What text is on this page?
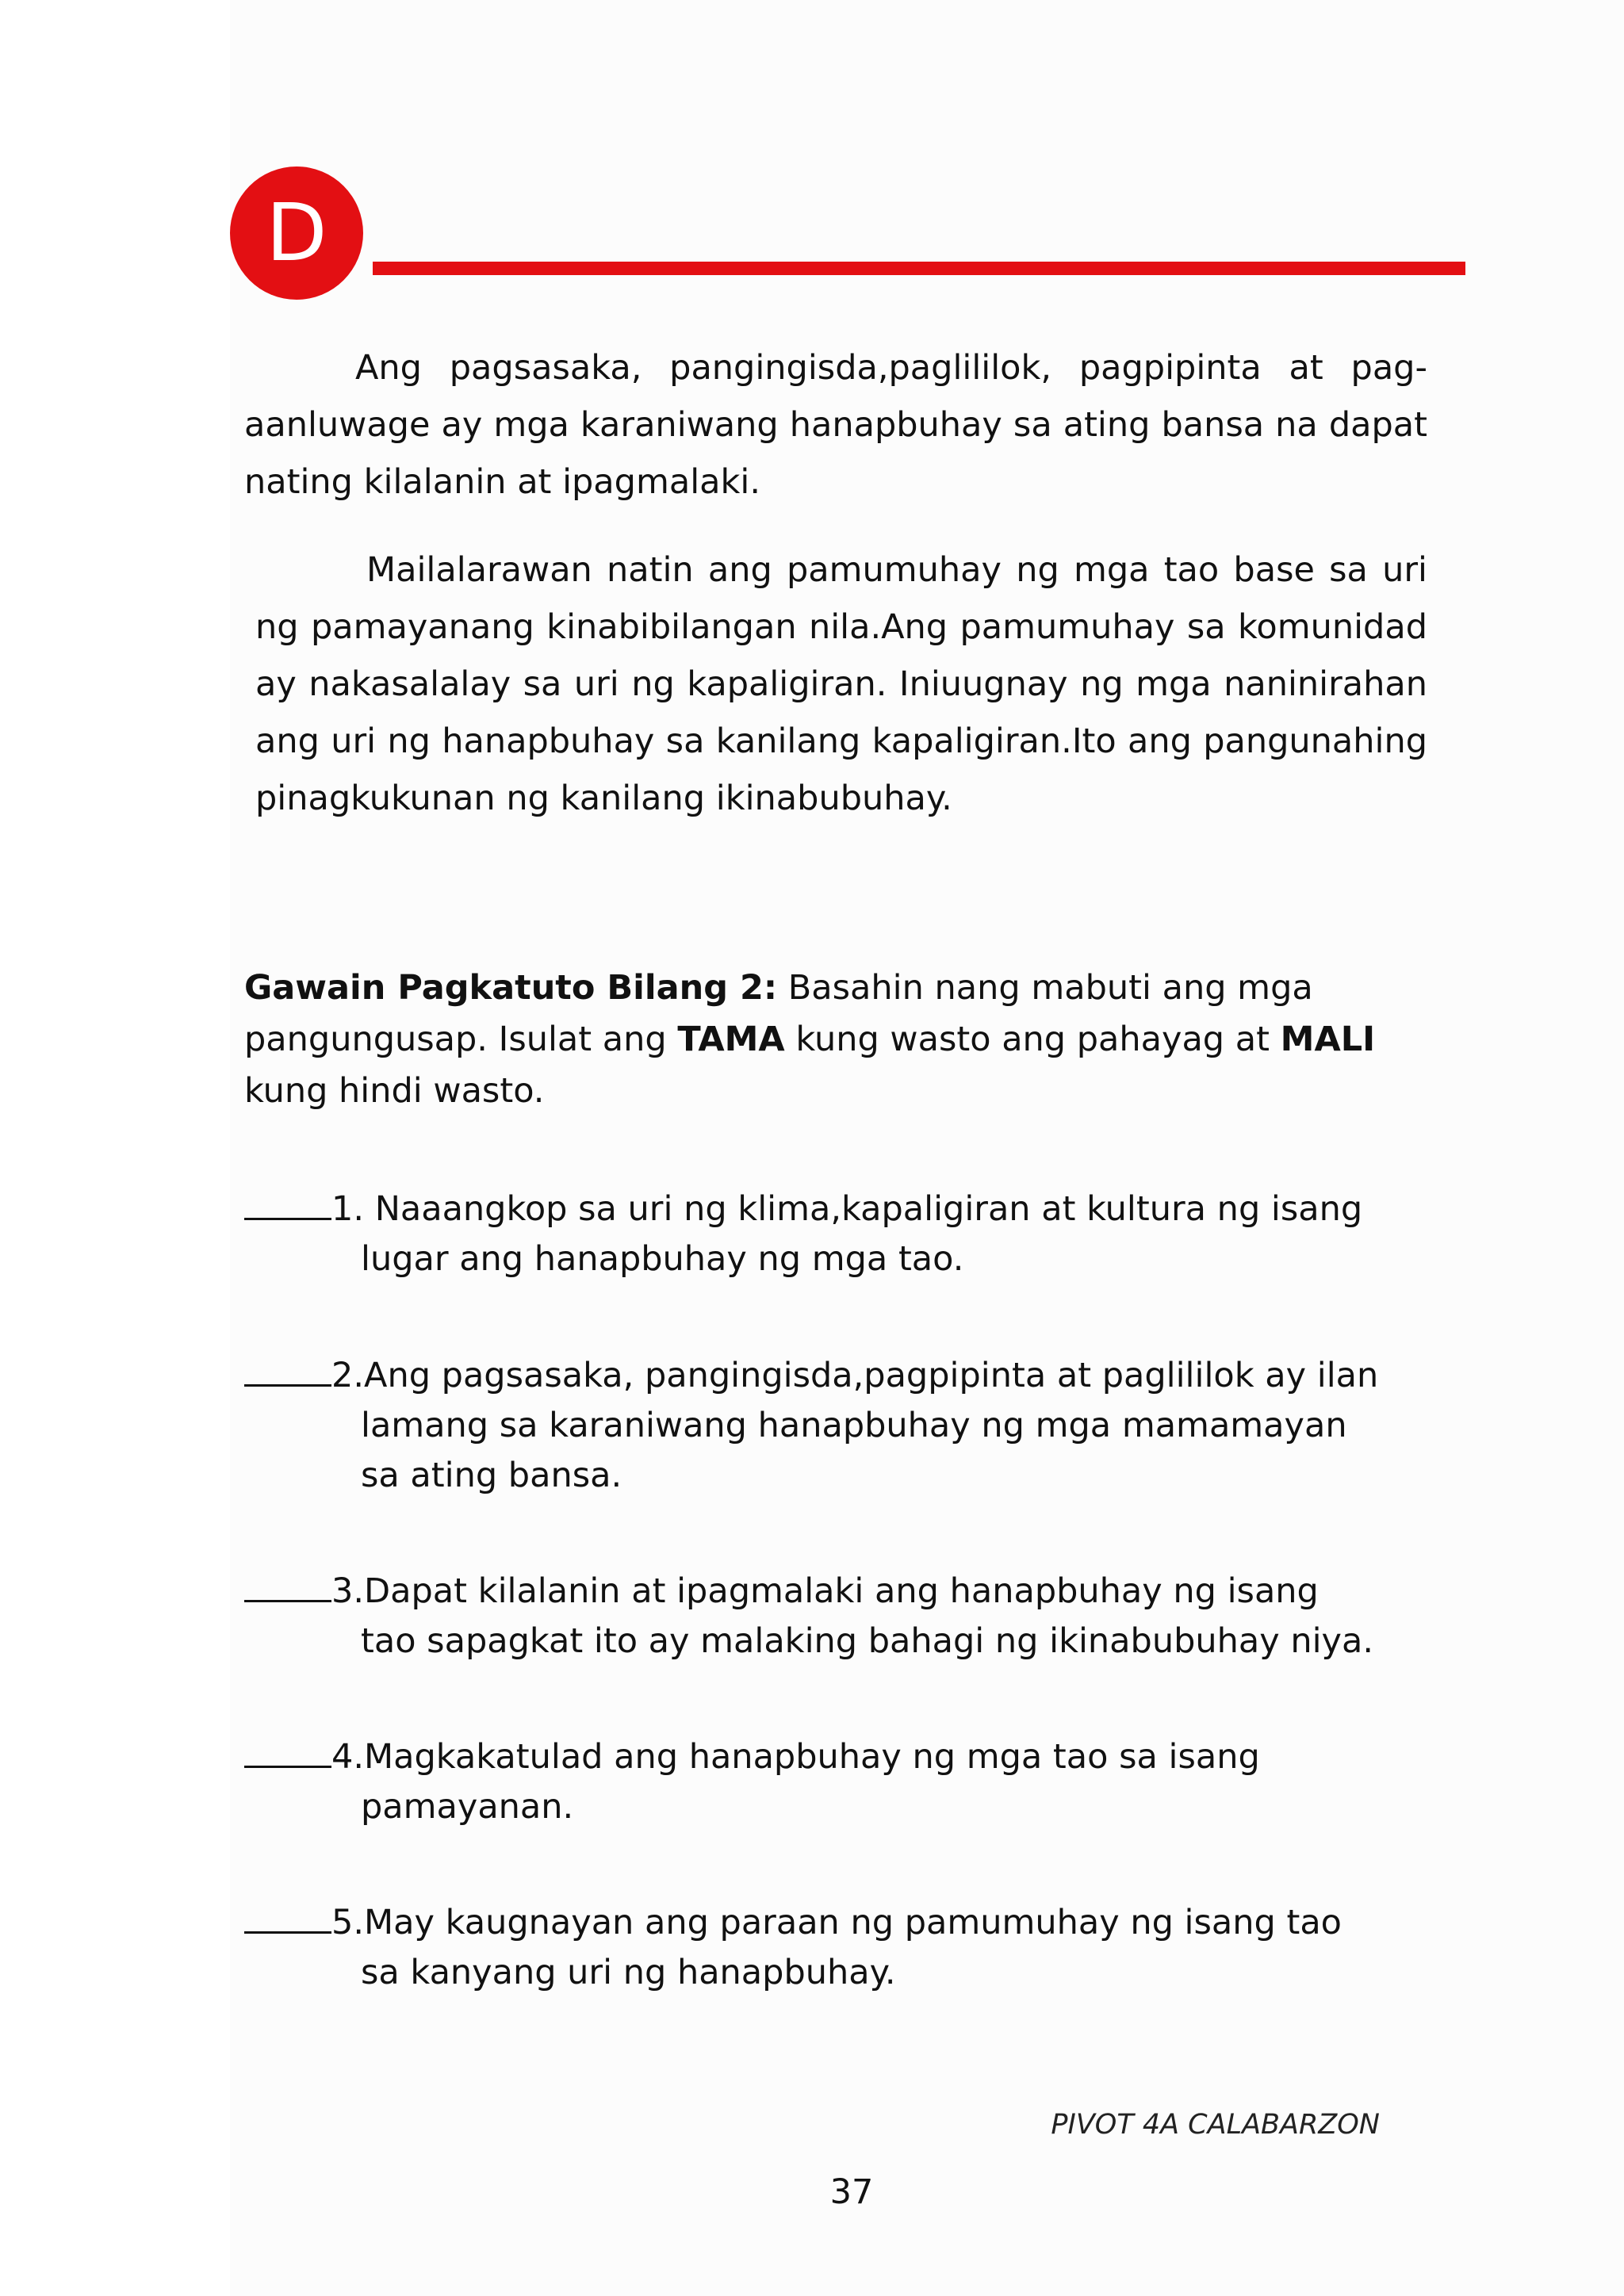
D

Ang pagsasaka, pangingisda,paglililok, pagpipinta at pag-aanluwage ay mga karaniwang hanapbuhay sa ating bansa na dapat nating kilalanin at ipagmalaki.

Mailalarawan natin ang pamumuhay ng mga tao base sa uri ng pamayanang kinabibilangan nila.Ang pamumuhay sa komunidad ay nakasalalay sa uri ng kapaligiran. Iniuugnay ng mga naninirahan ang uri ng hanapbuhay sa kanilang kapaligiran.Ito ang pangunahing pinagkukunan ng kanilang ikinabubuhay.

Gawain Pagkatuto Bilang 2: Basahin nang mabuti ang mga pangungusap. Isulat ang TAMA kung wasto ang pahayag at MALI kung hindi wasto.

1. Naaangkop sa uri ng klima,kapaligiran at kultura ng isang
lugar ang hanapbuhay ng mga tao.
2.Ang pagsasaka, pangingisda,pagpipinta at paglililok ay ilan
lamang sa karaniwang hanapbuhay ng mga mamamayan
sa ating bansa.
3.Dapat kilalanin at ipagmalaki ang hanapbuhay ng isang
tao sapagkat ito ay malaking bahagi ng ikinabubuhay niya.
4.Magkakatulad ang hanapbuhay ng mga tao sa isang
pamayanan.
5.May kaugnayan ang paraan ng pamumuhay ng isang tao
sa kanyang uri ng hanapbuhay.
PIVOT 4A CALABARZON
37
